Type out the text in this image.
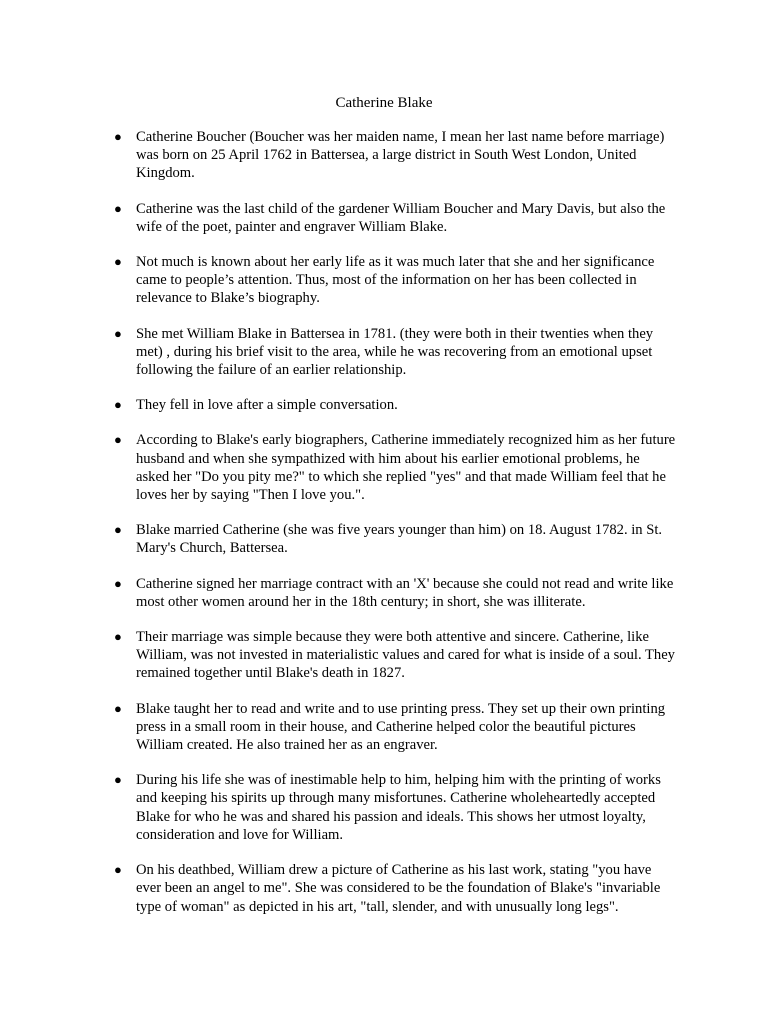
Catherine Blake
● Catherine Boucher (Boucher was her maiden name, I mean her last name before marriage) was born on 25 April 1762 in Battersea, a large district in South West London, United Kingdom.
● Catherine was the last child of the gardener William Boucher and Mary Davis, but also the wife of the poet, painter and engraver William Blake.
● Not much is known about her early life as it was much later that she and her significance came to people’s attention. Thus, most of the information on her has been collected in relevance to Blake’s biography.
● She met William Blake in Battersea in 1781. (they were both in their twenties when they met) , during his brief visit to the area, while he was recovering from an emotional upset following the failure of an earlier relationship.
● They fell in love after a simple conversation.
● According to Blake's early biographers, Catherine immediately recognized him as her future husband and when she sympathized with him about his earlier emotional problems, he asked her "Do you pity me?" to which she replied "yes" and that made William feel that he loves her by saying "Then I love you.".
● Blake married Catherine (she was five years younger than him) on 18. August 1782. in St. Mary's Church, Battersea.
● Catherine signed her marriage contract with an 'X' because she could not read and write like most other women around her in the 18th century; in short, she was illiterate.
● Their marriage was simple because they were both attentive and sincere. Catherine, like William, was not invested in materialistic values and cared for what is inside of a soul. They remained together until Blake's death in 1827.
● Blake taught her to read and write and to use printing press. They set up their own printing press in a small room in their house, and Catherine helped color the beautiful pictures William created. He also trained her as an engraver.
● During his life she was of inestimable help to him, helping him with the printing of works and keeping his spirits up through many misfortunes. Catherine wholeheartedly accepted Blake for who he was and shared his passion and ideals. This shows her utmost loyalty, consideration and love for William.
● On his deathbed, William drew a picture of Catherine as his last work, stating "you have ever been an angel to me". She was considered to be the foundation of Blake's "invariable type of woman" as depicted in his art, "tall, slender, and with unusually long legs".
